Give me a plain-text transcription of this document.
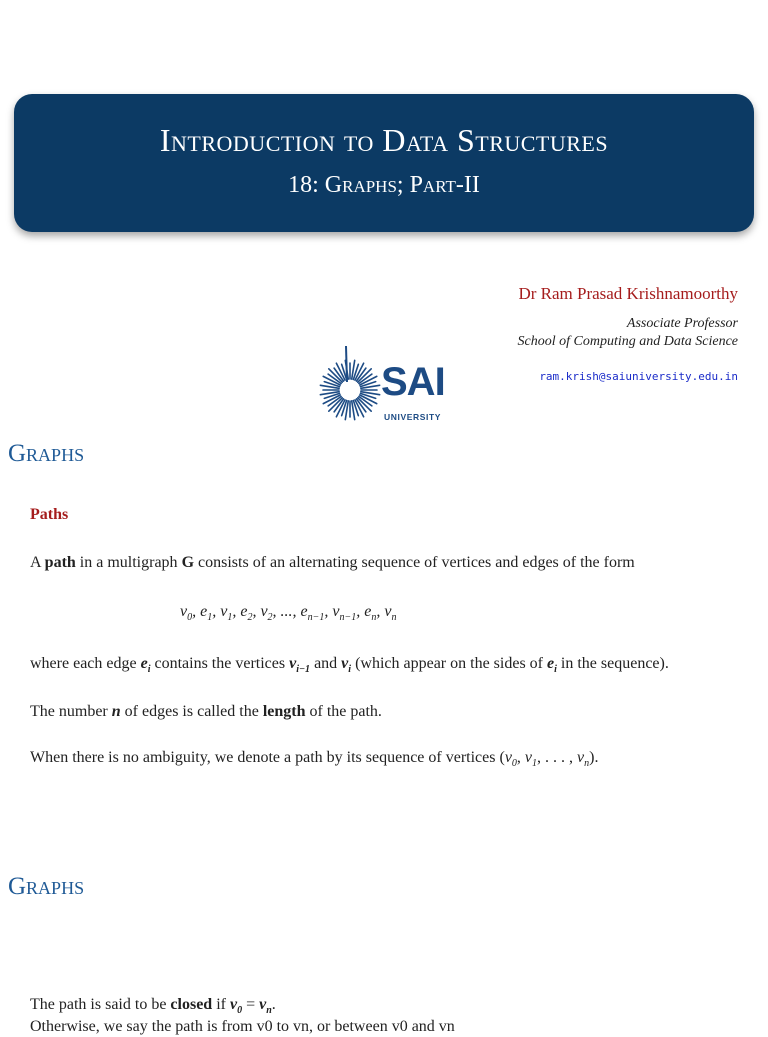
Introduction to Data Structures
18: Graphs; Part-II
Dr Ram Prasad Krishnamoorthy
Associate Professor
School of Computing and Data Science
ram.krish@saiuniversity.edu.in
SAI
UNIVERSITY
Graphs
Paths
A path in a multigraph G consists of an alternating sequence of vertices and edges of the form
$v_0$, $e_1$, $v_1$, $e_2$, $v_2$, ..., $e_{n-1}$, $v_{n-1}$, $e_n$, $v_n$
where each edge $e_i$ contains the vertices $v_{i-1}$ and $v_i$ (which appear on the sides of $e_i$ in the sequence).
The number n of edges is called the length of the path.
When there is no ambiguity, we denote a path by its sequence of vertices ($v_0$, $v_1$, . . . , $v_n$).
Graphs
The path is said to be closed if $v_0 = v_n$.
Otherwise, we say the path is from v0 to vn, or between v0 and vn
